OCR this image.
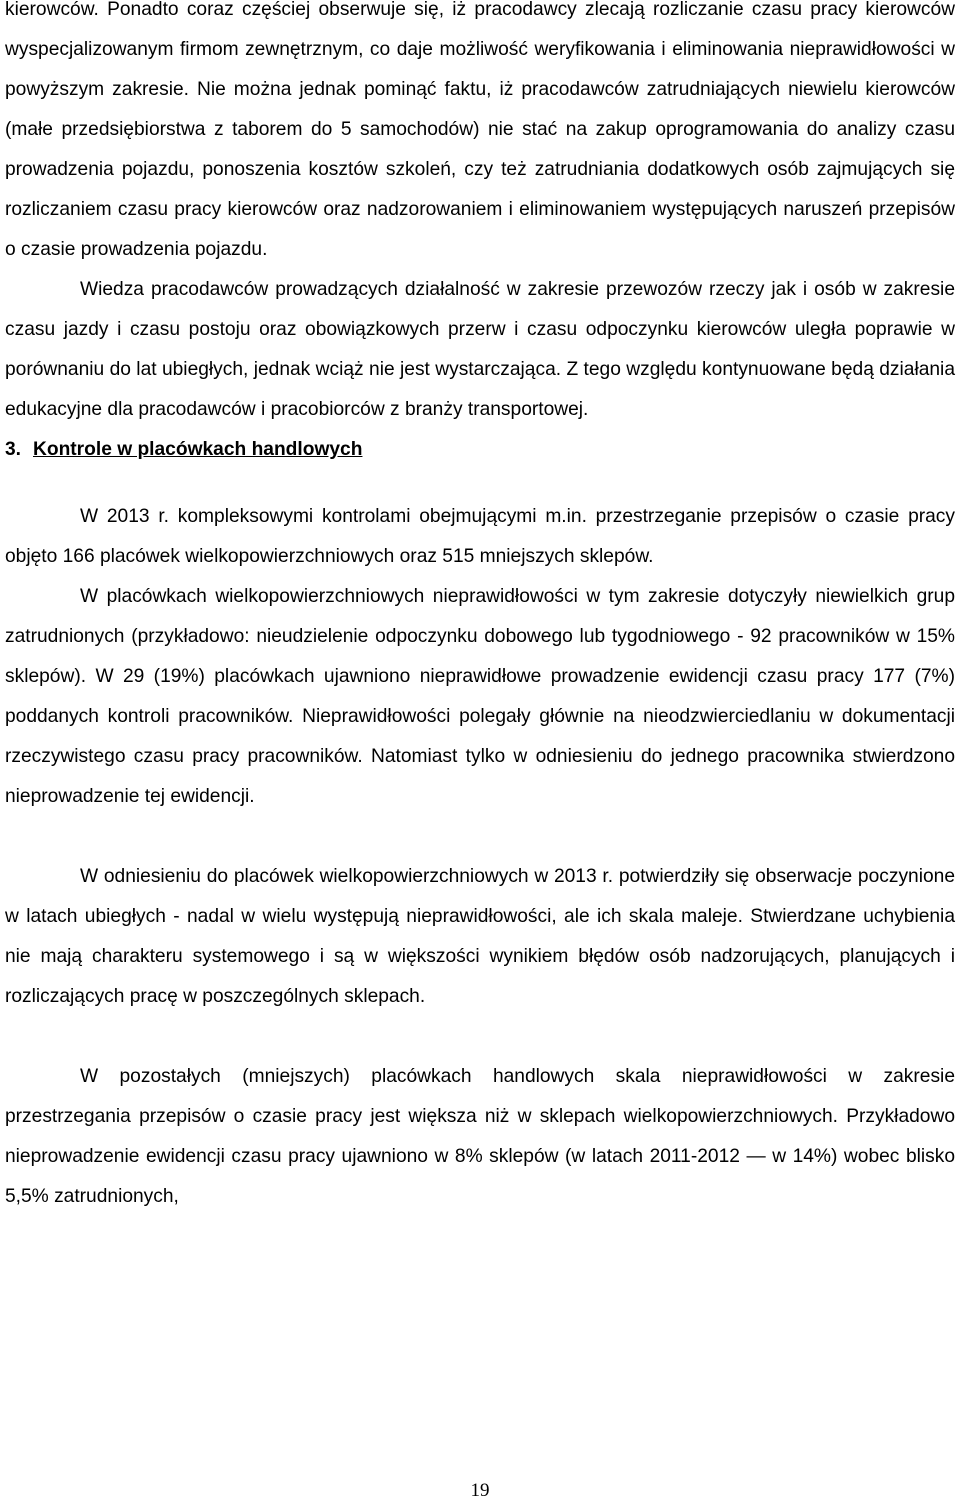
kierowców. Ponadto coraz częściej obserwuje się, iż pracodawcy zlecają rozliczanie czasu pracy kierowców wyspecjalizowanym firmom zewnętrznym, co daje możliwość weryfikowania i eliminowania nieprawidłowości w powyższym zakresie. Nie można jednak pominąć faktu, iż pracodawców zatrudniających niewielu kierowców (małe przedsiębiorstwa z taborem do 5 samochodów) nie stać na zakup oprogramowania do analizy czasu prowadzenia pojazdu, ponoszenia kosztów szkoleń, czy też zatrudniania dodatkowych osób zajmujących się rozliczaniem czasu pracy kierowców oraz nadzorowaniem i eliminowaniem występujących naruszeń przepisów o czasie prowadzenia pojazdu.

Wiedza pracodawców prowadzących działalność w zakresie przewozów rzeczy jak i osób w zakresie czasu jazdy i czasu postoju oraz obowiązkowych przerw i czasu odpoczynku kierowców uległa poprawie w porównaniu do lat ubiegłych, jednak wciąż nie jest wystarczająca. Z tego względu kontynuowane będą działania edukacyjne dla pracodawców i pracobiorców z branży transportowej.

3. Kontrole w placówkach handlowych

W 2013 r. kompleksowymi kontrolami obejmującymi m.in. przestrzeganie przepisów o czasie pracy objęto 166 placówek wielkopowierzchniowych oraz 515 mniejszych sklepów.

W placówkach wielkopowierzchniowych nieprawidłowości w tym zakresie dotyczyły niewielkich grup zatrudnionych (przykładowo: nieudzielenie odpoczynku dobowego lub tygodniowego - 92 pracowników w 15% sklepów). W 29 (19%) placówkach ujawniono nieprawidłowe prowadzenie ewidencji czasu pracy 177 (7%) poddanych kontroli pracowników. Nieprawidłowości polegały głównie na nieodzwierciedlaniu w dokumentacji rzeczywistego czasu pracy pracowników. Natomiast tylko w odniesieniu do jednego pracownika stwierdzono nieprowadzenie tej ewidencji.

W odniesieniu do placówek wielkopowierzchniowych w 2013 r. potwierdziły się obserwacje poczynione w latach ubiegłych - nadal w wielu występują nieprawidłowości, ale ich skala maleje. Stwierdzane uchybienia nie mają charakteru systemowego i są w większości wynikiem błędów osób nadzorujących, planujących i rozliczających pracę w poszczególnych sklepach.

W pozostałych (mniejszych) placówkach handlowych skala nieprawidłowości w zakresie przestrzegania przepisów o czasie pracy jest większa niż w sklepach wielkopowierzchniowych. Przykładowo nieprowadzenie ewidencji czasu pracy ujawniono w 8% sklepów (w latach 2011-2012 — w 14%) wobec blisko 5,5% zatrudnionych,

19
